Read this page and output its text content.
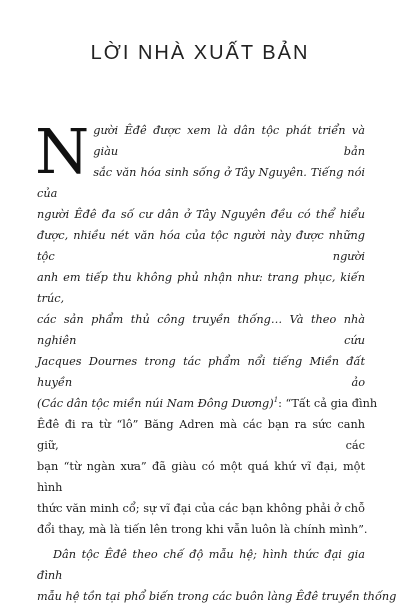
LỜI NHÀ XUẤT BẢN
N gười Êđê được xem là dân tộc phát triển và giàu bản
sắc văn hóa sinh sống ở Tây Nguyên. Tiếng nói của
người Êđê đa số cư dân ở Tây Nguyên đều có thể hiểu
được, nhiều nét văn hóa của tộc người này được những tộc người
anh em tiếp thu không phủ nhận như: trang phục, kiến trúc,
các sản phẩm thủ công truyền thống… Và theo nhà nghiên cứu
Jacques Dournes trong tác phẩm nổi tiếng Miền đất huyền ảo
(Các dân tộc miền núi Nam Đông Dương)$^1$: “Tất cả gia đình
Êđê đi ra từ “lô” Băng Adren mà các bạn ra sức canh giữ, các
bạn “từ ngàn xưa” đã giàu có một quá khứ vĩ đại, một hình
thức văn minh cổ; sự vĩ đại của các bạn không phải ở chỗ
đổi thay, mà là tiến lên trong khi vẫn luôn là chính mình”.
Dân tộc Êđê theo chế độ mẫu hệ; hình thức đại gia đình
mẫu hệ tồn tại phổ biến trong các buôn làng Êđê truyền thống
